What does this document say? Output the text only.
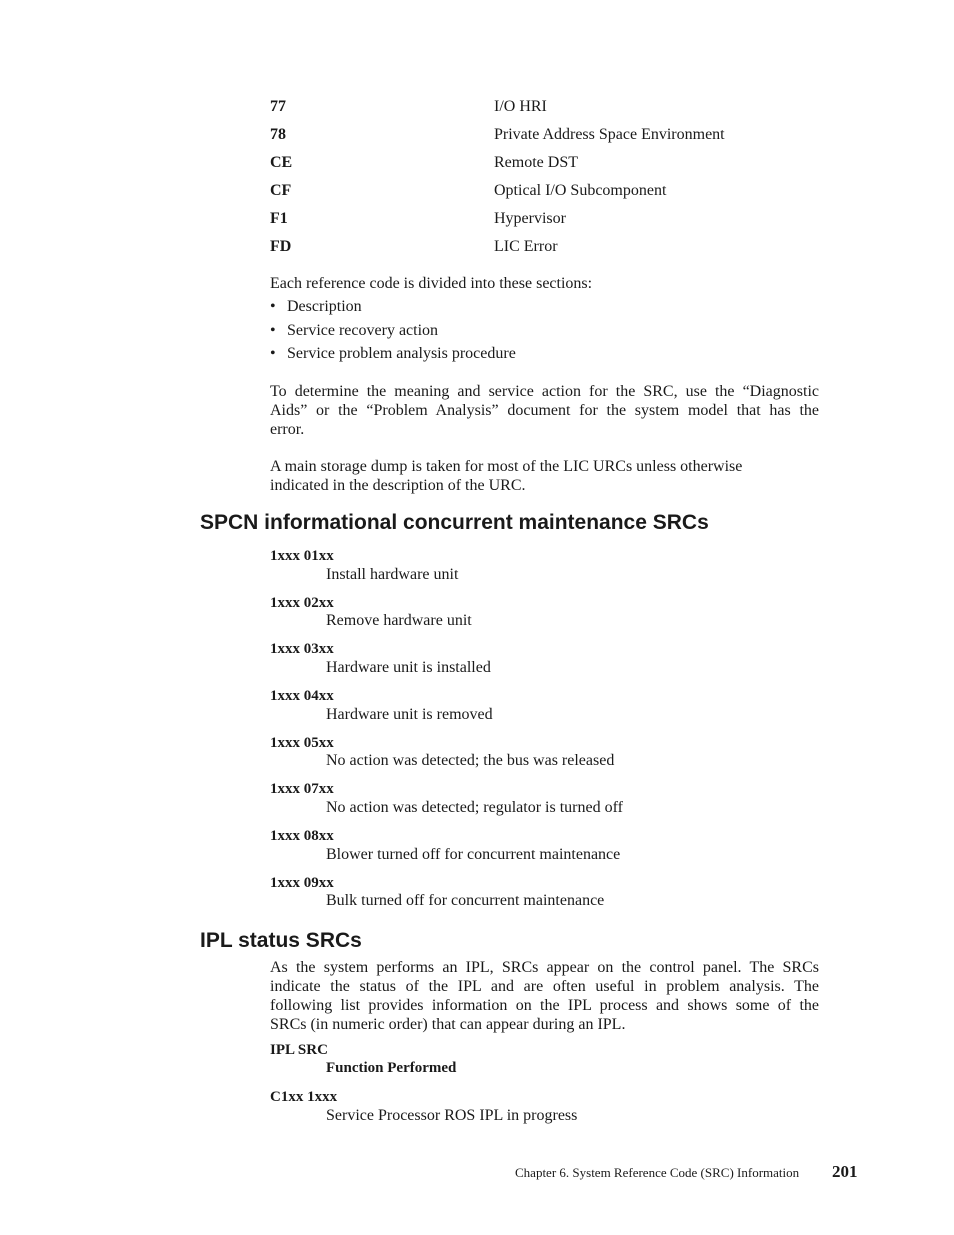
77	I/O HRI
78	Private Address Space Environment
CE	Remote DST
CF	Optical I/O Subcomponent
F1	Hypervisor
FD	LIC Error
Each reference code is divided into these sections:
• Description
• Service recovery action
• Service problem analysis procedure
To determine the meaning and service action for the SRC, use the “Diagnostic
Aids” or the “Problem Analysis” document for the system model that has the
error.
A main storage dump is taken for most of the LIC URCs unless otherwise
indicated in the description of the URC.
SPCN informational concurrent maintenance SRCs
1xxx 01xx
Install hardware unit
1xxx 02xx
Remove hardware unit
1xxx 03xx
Hardware unit is installed
1xxx 04xx
Hardware unit is removed
1xxx 05xx
No action was detected; the bus was released
1xxx 07xx
No action was detected; regulator is turned off
1xxx 08xx
Blower turned off for concurrent maintenance
1xxx 09xx
Bulk turned off for concurrent maintenance
IPL status SRCs
As the system performs an IPL, SRCs appear on the control panel. The SRCs
indicate the status of the IPL and are often useful in problem analysis. The
following list provides information on the IPL process and shows some of the
SRCs (in numeric order) that can appear during an IPL.
IPL SRC
Function Performed
C1xx 1xxx
Service Processor ROS IPL in progress
Chapter 6. System Reference Code (SRC) Information 201
